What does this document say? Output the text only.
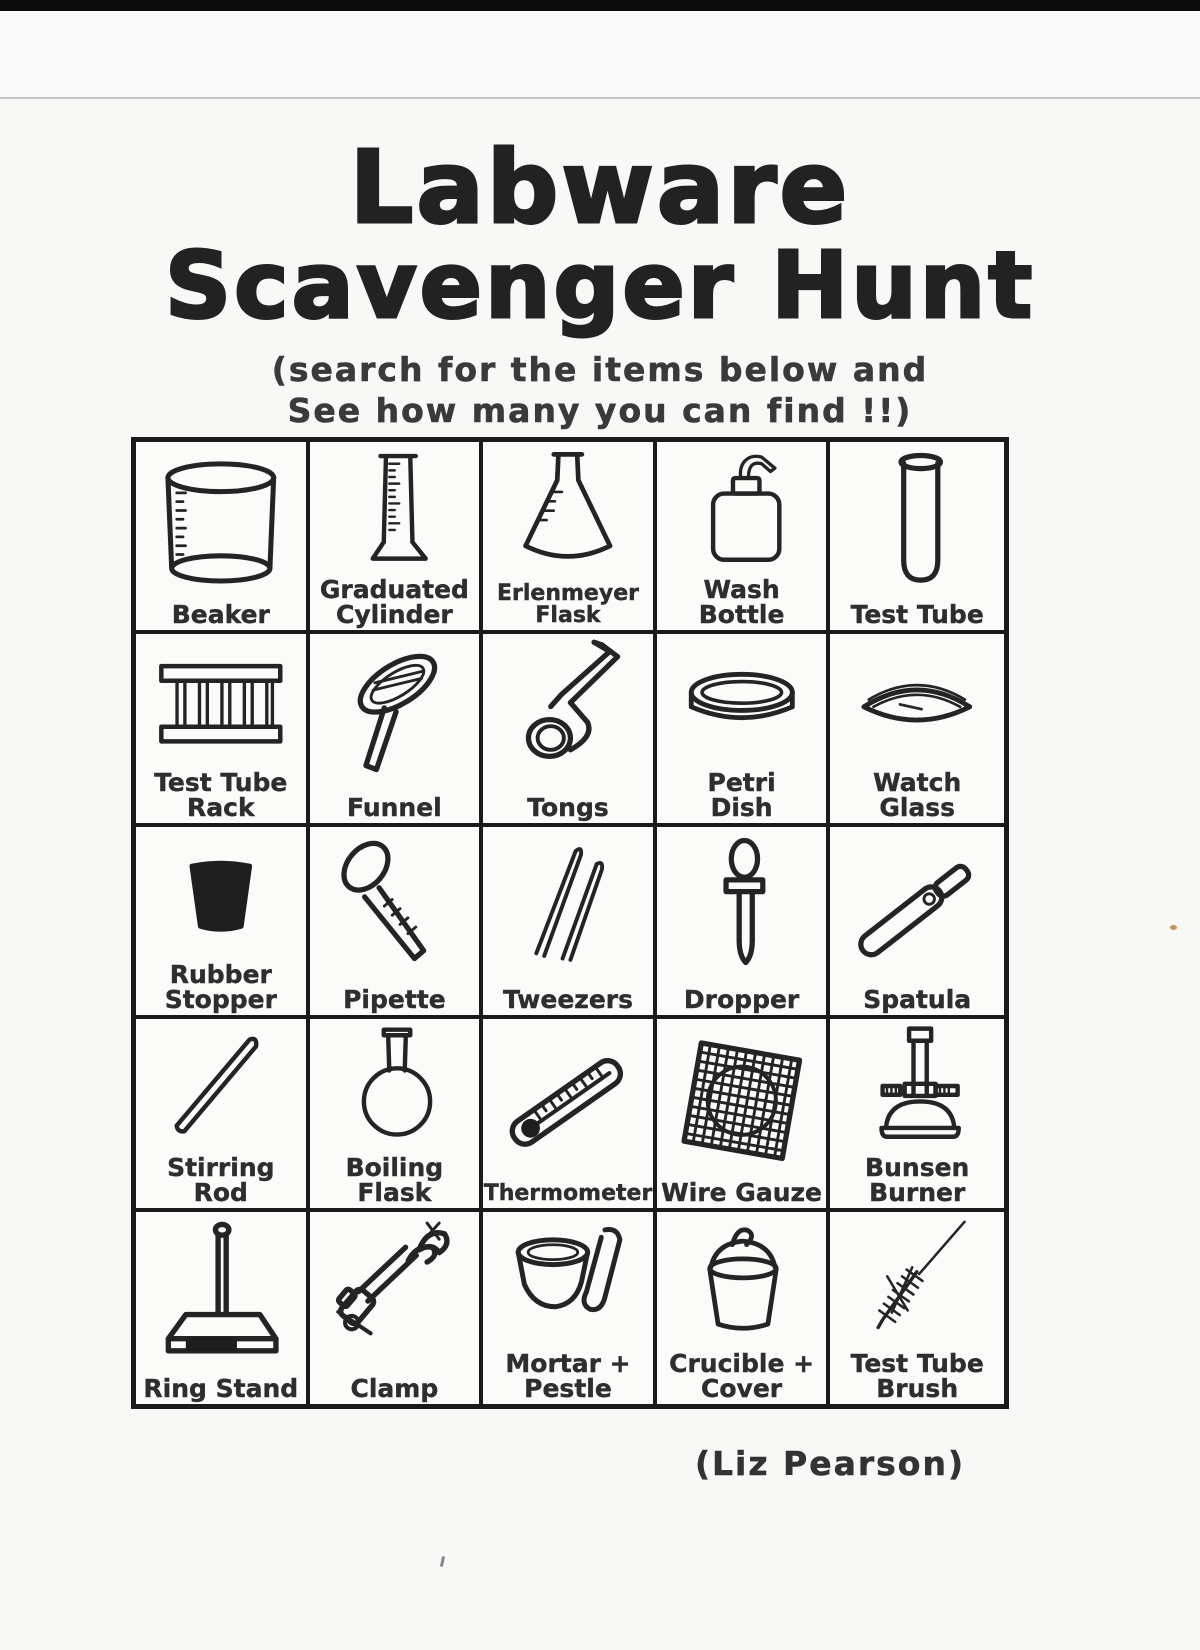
Labware
Scavenger Hunt
(search for the items below and
See how many you can find !!)
Beaker
Graduated
Cylinder
Erlenmeyer
Flask
Wash Bottle	Test Tube
Test Tube
Rack	Funnel	Tongs
Petri
Dish
Watch
Glass
Rubber
Stopper	Pipette Tweezers Dropper	Spatula
Stirring
Rod
Boiling
Flask	Thermometer Wire Gauze
Bunsen
Burner
Ring Stand Clamp
Mortar +
Pestle
Crucible +
Cover
Test Tube
Brush
(Liz Pearson)
